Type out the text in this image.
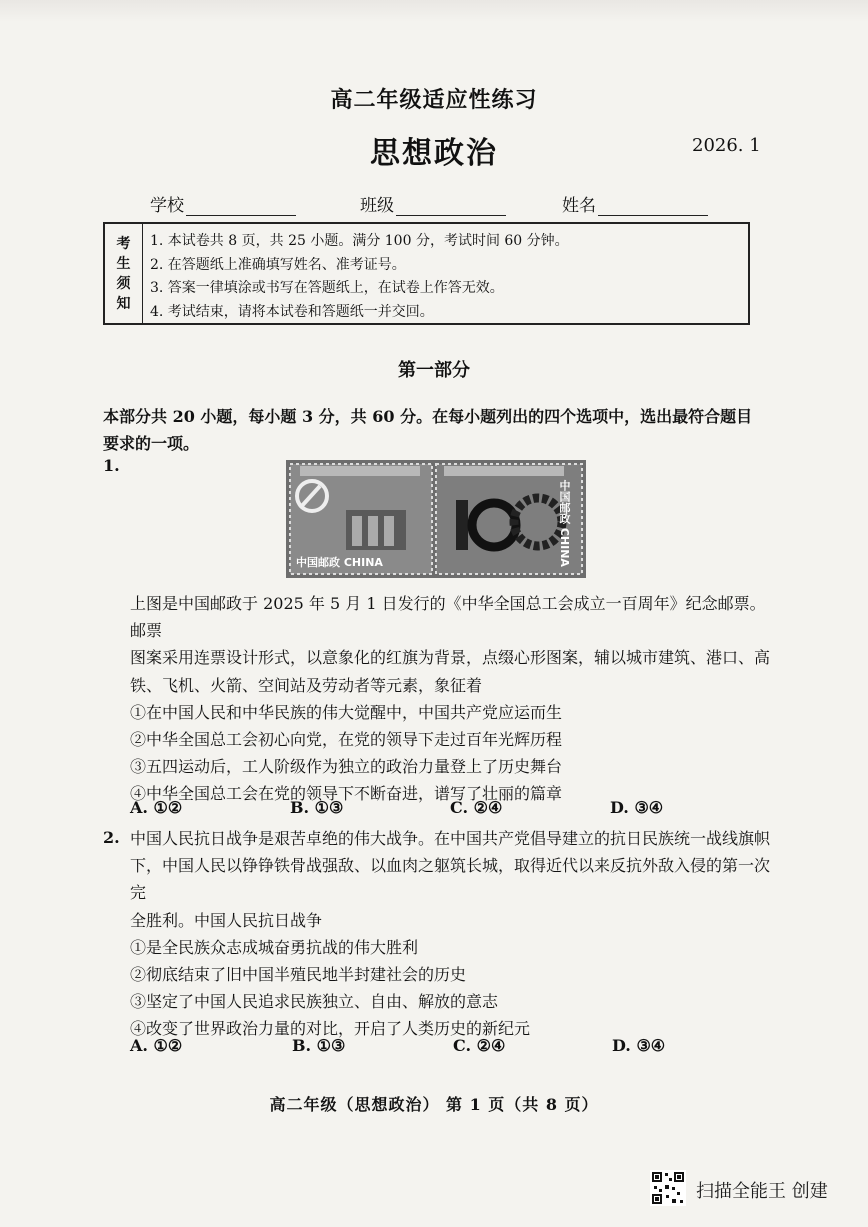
高二年级适应性练习
思想政治	2026. 1
学校	班级	姓名
考
生
须
知
1. 本试卷共 8 页，共 25 小题。满分 100 分，考试时间 60 分钟。
2. 在答题纸上准确填写姓名、准考证号。
3. 答案一律填涂或书写在答题纸上，在试卷上作答无效。
4. 考试结束，请将本试卷和答题纸一并交回。
第一部分
本部分共 20 小题，每小题 3 分，共 60 分。在每小题列出的四个选项中，选出最符合题目要求的一项。
1.
中国邮政 CHINA	中国邮政 CHINA
上图是中国邮政于 2025 年 5 月 1 日发行的《中华全国总工会成立一百周年》纪念邮票。邮票
图案采用连票设计形式，以意象化的红旗为背景，点缀心形图案，辅以城市建筑、港口、高
铁、飞机、火箭、空间站及劳动者等元素，象征着
①在中国人民和中华民族的伟大觉醒中，中国共产党应运而生
②中华全国总工会初心向党，在党的领导下走过百年光辉历程
③五四运动后，工人阶级作为独立的政治力量登上了历史舞台
④中华全国总工会在党的领导下不断奋进，谱写了壮丽的篇章
A. ①②	B. ①③	C. ②④	D. ③④
2. 中国人民抗日战争是艰苦卓绝的伟大战争。在中国共产党倡导建立的抗日民族统一战线旗帜
下，中国人民以铮铮铁骨战强敌、以血肉之躯筑长城，取得近代以来反抗外敌入侵的第一次完
全胜利。中国人民抗日战争
①是全民族众志成城奋勇抗战的伟大胜利
②彻底结束了旧中国半殖民地半封建社会的历史
③坚定了中国人民追求民族独立、自由、解放的意志
④改变了世界政治力量的对比，开启了人类历史的新纪元
A. ①②	B. ①③	C. ②④	D. ③④
高二年级（思想政治） 第 1 页（共 8 页）
扫描全能王 创建
